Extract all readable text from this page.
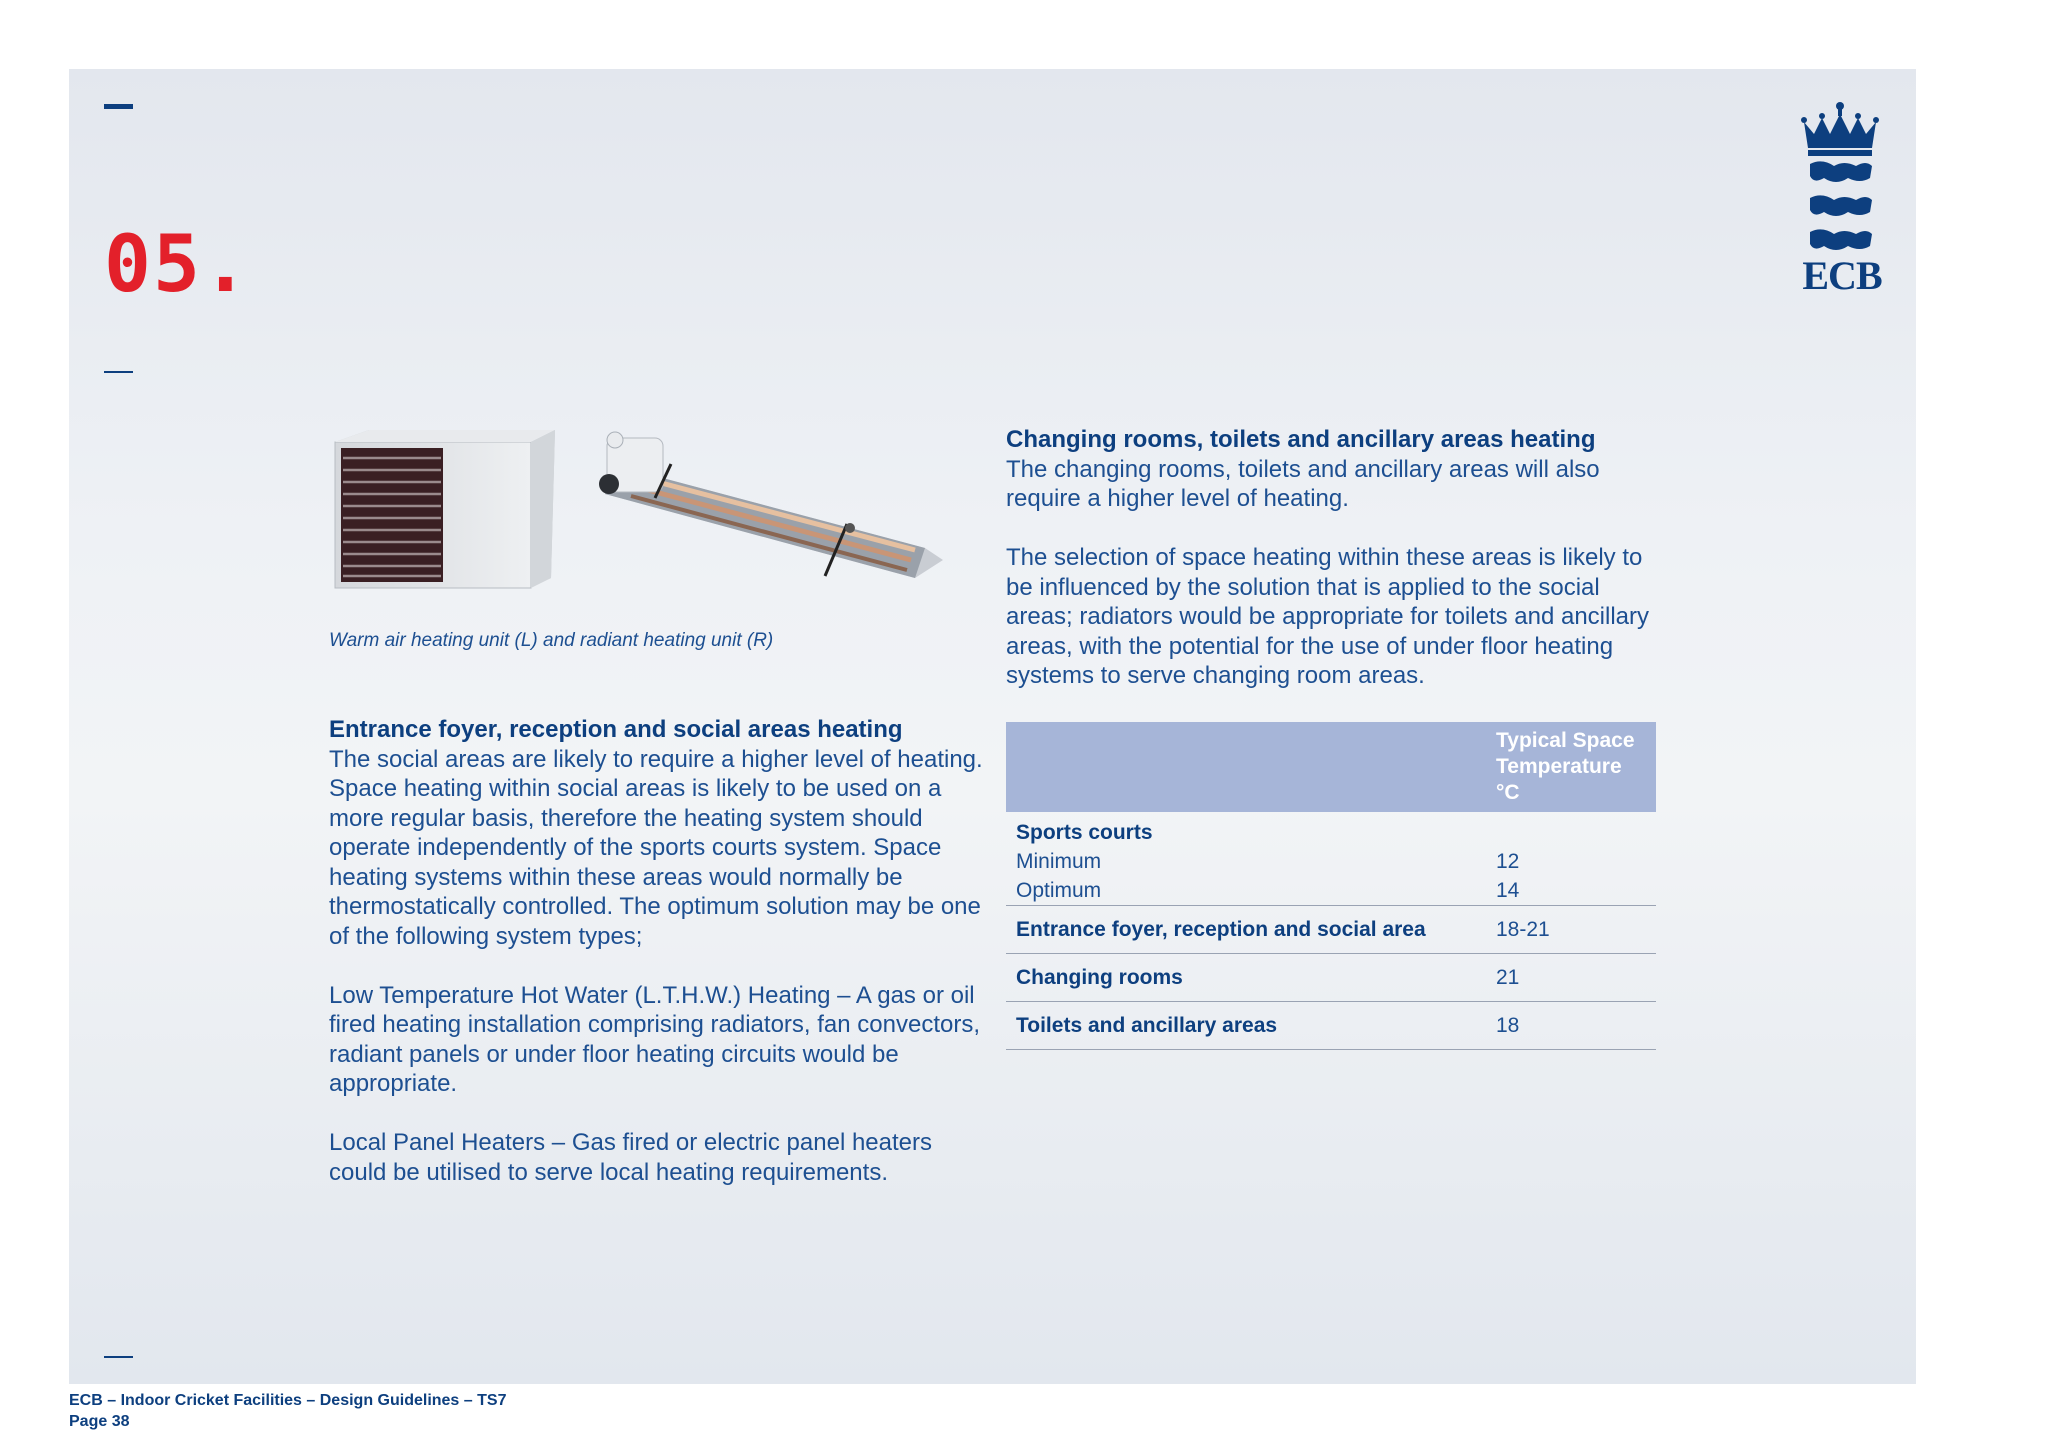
05.	ECB
Warm air heating unit (L) and radiant heating unit (R)
Entrance foyer, reception and social areas heating

The social areas are likely to require a higher level of heating. Space heating within social areas is likely to be used on a more regular basis, therefore the heating system should operate independently of the sports courts system. Space heating systems within these areas would normally be thermostatically controlled. The optimum solution may be one of the following system types;

Low Temperature Hot Water (L.T.H.W.) Heating – A gas or oil fired heating installation comprising radiators, fan convectors, radiant panels or under floor heating circuits would be appropriate.

Local Panel Heaters – Gas fired or electric panel heaters could be utilised to serve local heating requirements.

Changing rooms, toilets and ancillary areas heating

The changing rooms, toilets and ancillary areas will also require a higher level of heating.

The selection of space heating within these areas is likely to be influenced by the solution that is applied to the social areas; radiators would be appropriate for toilets and ancillary areas, with the potential for the use of under floor heating systems to serve changing room areas.

	Typical Space
Temperature °C
Sports courts	
Minimum	12
Optimum	14
Entrance foyer, reception and social area	18-21
Changing rooms	21
Toilets and ancillary areas	18
ECB – Indoor Cricket Facilities – Design Guidelines – TS7
Page 38
